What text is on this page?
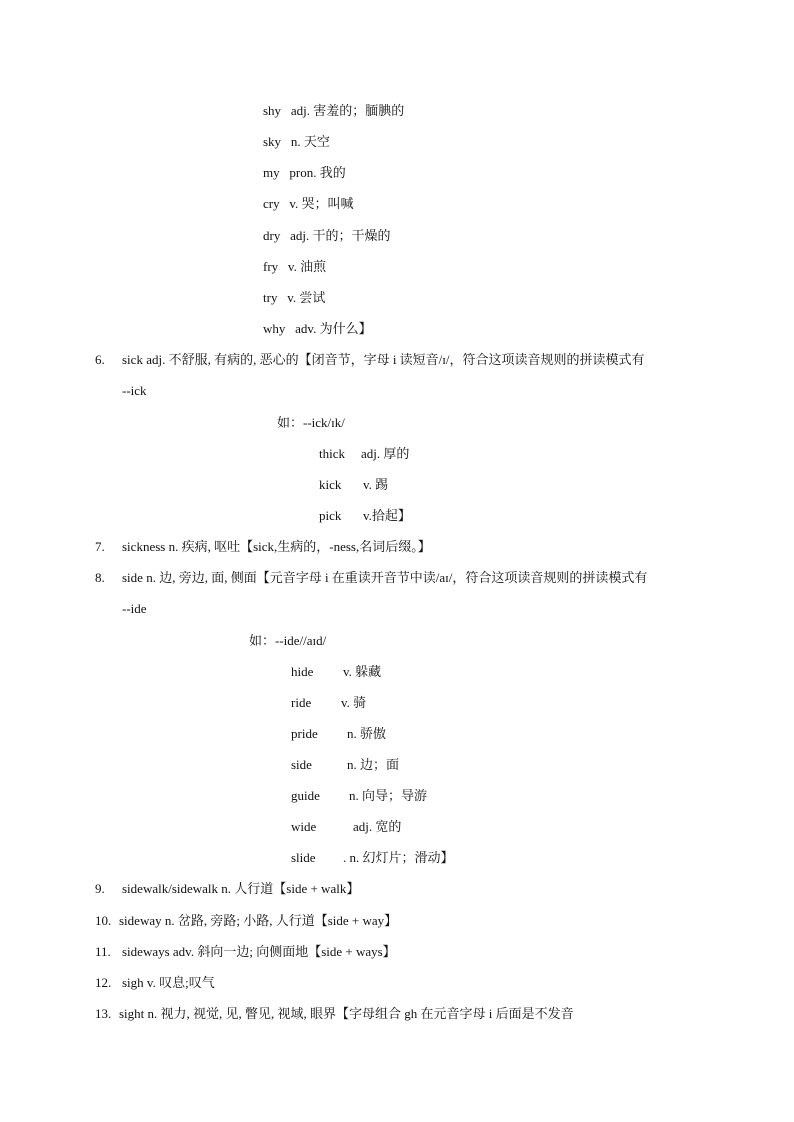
shy adj. 害羞的；腼腆的
sky n. 天空
my pron. 我的
cry v. 哭；叫喊
dry adj. 干的；干燥的
fry v. 油煎
try v. 尝试
why adv. 为什么】
6. sick adj. 不舒服, 有病的, 恶心的【闭音节，字母 i 读短音/ɪ/，符合这项读音规则的拼读模式有
--ick
如：--ick/ɪk/
thick adj. 厚的
kick v. 踢
pick v.拾起】
7. sickness n. 疾病, 呕吐【sick,生病的，-ness,名词后缀。】
8. side n. 边, 旁边, 面, 侧面【元音字母 i 在重读开音节中读/aɪ/，符合这项读音规则的拼读模式有
--ide
如：--ide//aɪd/
hide v. 躲藏
ride v. 骑
pride n. 骄傲
side	n. 边；面
guide n. 向导；导游
wide	adj. 宽的
slide . n. 幻灯片；滑动】
9. sidewalk/sidewalk n. 人行道【side + walk】
10. sideway n. 岔路, 旁路; 小路, 人行道【side + way】
11. sideways adv. 斜向一边; 向侧面地【side + ways】
12. sigh v. 叹息;叹气
13. sight n. 视力, 视觉, 见, 瞥见, 视域, 眼界【字母组合 gh 在元音字母 i 后面是不发音
